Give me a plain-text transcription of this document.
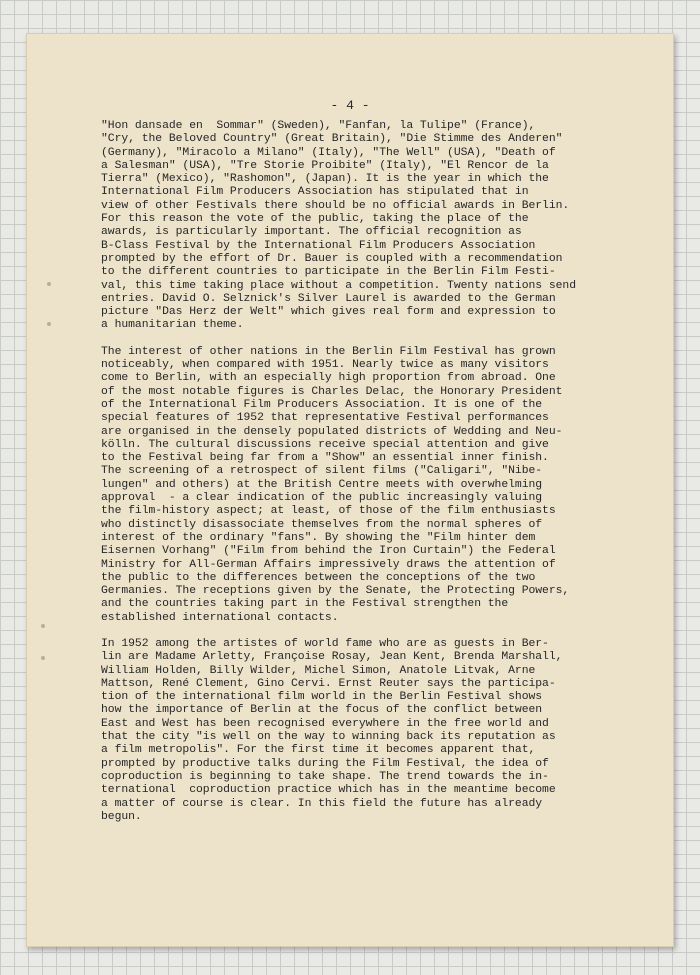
- 4 -
"Hon dansade en  Sommar" (Sweden), "Fanfan, la Tulipe" (France),
"Cry, the Beloved Country" (Great Britain), "Die Stimme des Anderen"
(Germany), "Miracolo a Milano" (Italy), "The Well" (USA), "Death of
a Salesman" (USA), "Tre Storie Proibite" (Italy), "El Rencor de la
Tierra" (Mexico), "Rashomon", (Japan). It is the year in which the
International Film Producers Association has stipulated that in
view of other Festivals there should be no official awards in Berlin.
For this reason the vote of the public, taking the place of the
awards, is particularly important. The official recognition as
B-Class Festival by the International Film Producers Association
prompted by the effort of Dr. Bauer is coupled with a recommendation
to the different countries to participate in the Berlin Film Festi-
val, this time taking place without a competition. Twenty nations send
entries. David O. Selznick's Silver Laurel is awarded to the German
picture "Das Herz der Welt" which gives real form and expression to
a humanitarian theme.
The interest of other nations in the Berlin Film Festival has grown
noticeably, when compared with 1951. Nearly twice as many visitors
come to Berlin, with an especially high proportion from abroad. One
of the most notable figures is Charles Delac, the Honorary President
of the International Film Producers Association. It is one of the
special features of 1952 that representative Festival performances
are organised in the densely populated districts of Wedding and Neu-
kölln. The cultural discussions receive special attention and give
to the Festival being far from a "Show" an essential inner finish.
The screening of a retrospect of silent films ("Caligari", "Nibe-
lungen" and others) at the British Centre meets with overwhelming
approval  - a clear indication of the public increasingly valuing
the film-history aspect; at least, of those of the film enthusiasts
who distinctly disassociate themselves from the normal spheres of
interest of the ordinary "fans". By showing the "Film hinter dem
Eisernen Vorhang" ("Film from behind the Iron Curtain") the Federal
Ministry for All-German Affairs impressively draws the attention of
the public to the differences between the conceptions of the two
Germanies. The receptions given by the Senate, the Protecting Powers,
and the countries taking part in the Festival strengthen the
established international contacts.
In 1952 among the artistes of world fame who are as guests in Ber-
lin are Madame Arletty, Françoise Rosay, Jean Kent, Brenda Marshall,
William Holden, Billy Wilder, Michel Simon, Anatole Litvak, Arne
Mattson, René Clement, Gino Cervi. Ernst Reuter says the participa-
tion of the international film world in the Berlin Festival shows
how the importance of Berlin at the focus of the conflict between
East and West has been recognised everywhere in the free world and
that the city "is well on the way to winning back its reputation as
a film metropolis". For the first time it becomes apparent that,
prompted by productive talks during the Film Festival, the idea of
coproduction is beginning to take shape. The trend towards the in-
ternational  coproduction practice which has in the meantime become
a matter of course is clear. In this field the future has already
begun.
